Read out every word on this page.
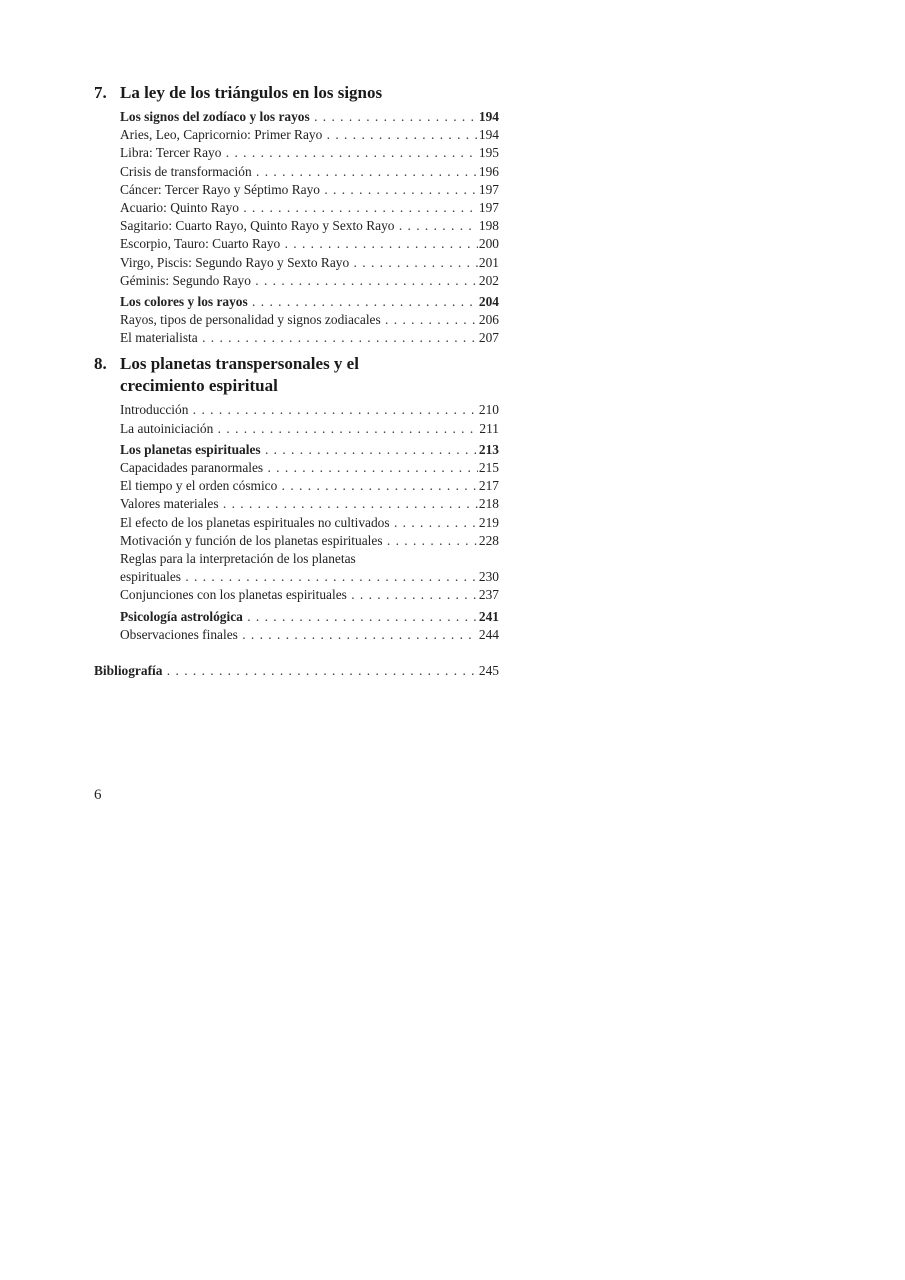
7. La ley de los triángulos en los signos
Los signos del zodíaco y los rayos . . .	194
Aries, Leo, Capricornio: Primer Rayo . . .	194
Libra: Tercer Rayo . . .	195
Crisis de transformación . . .	196
Cáncer: Tercer Rayo y Séptimo Rayo . . .	197
Acuario: Quinto Rayo . . .	197
Sagitario: Cuarto Rayo, Quinto Rayo y Sexto Rayo . . .	198
Escorpio, Tauro: Cuarto Rayo . . .	200
Virgo, Piscis: Segundo Rayo y Sexto Rayo . . .	201
Géminis: Segundo Rayo . . .	202
Los colores y los rayos . . .	204
Rayos, tipos de personalidad y signos zodiacales . . .	206
El materialista . . .	207
8. Los planetas transpersonales y el
crecimiento espiritual
Introducción . . .	210
La autoiniciación . . .	211
Los planetas espirituales . . .	213
Capacidades paranormales . . .	215
El tiempo y el orden cósmico . . .	217
Valores materiales . . .	218
El efecto de los planetas espirituales no cultivados . . .	219
Motivación y función de los planetas espirituales . . .	228
Reglas para la interpretación de los planetas
espirituales . . .	230
Conjunciones con los planetas espirituales . . .	237
Psicología astrológica . . .	241
Observaciones finales . . .	244
Bibliografía . . .	245
6
